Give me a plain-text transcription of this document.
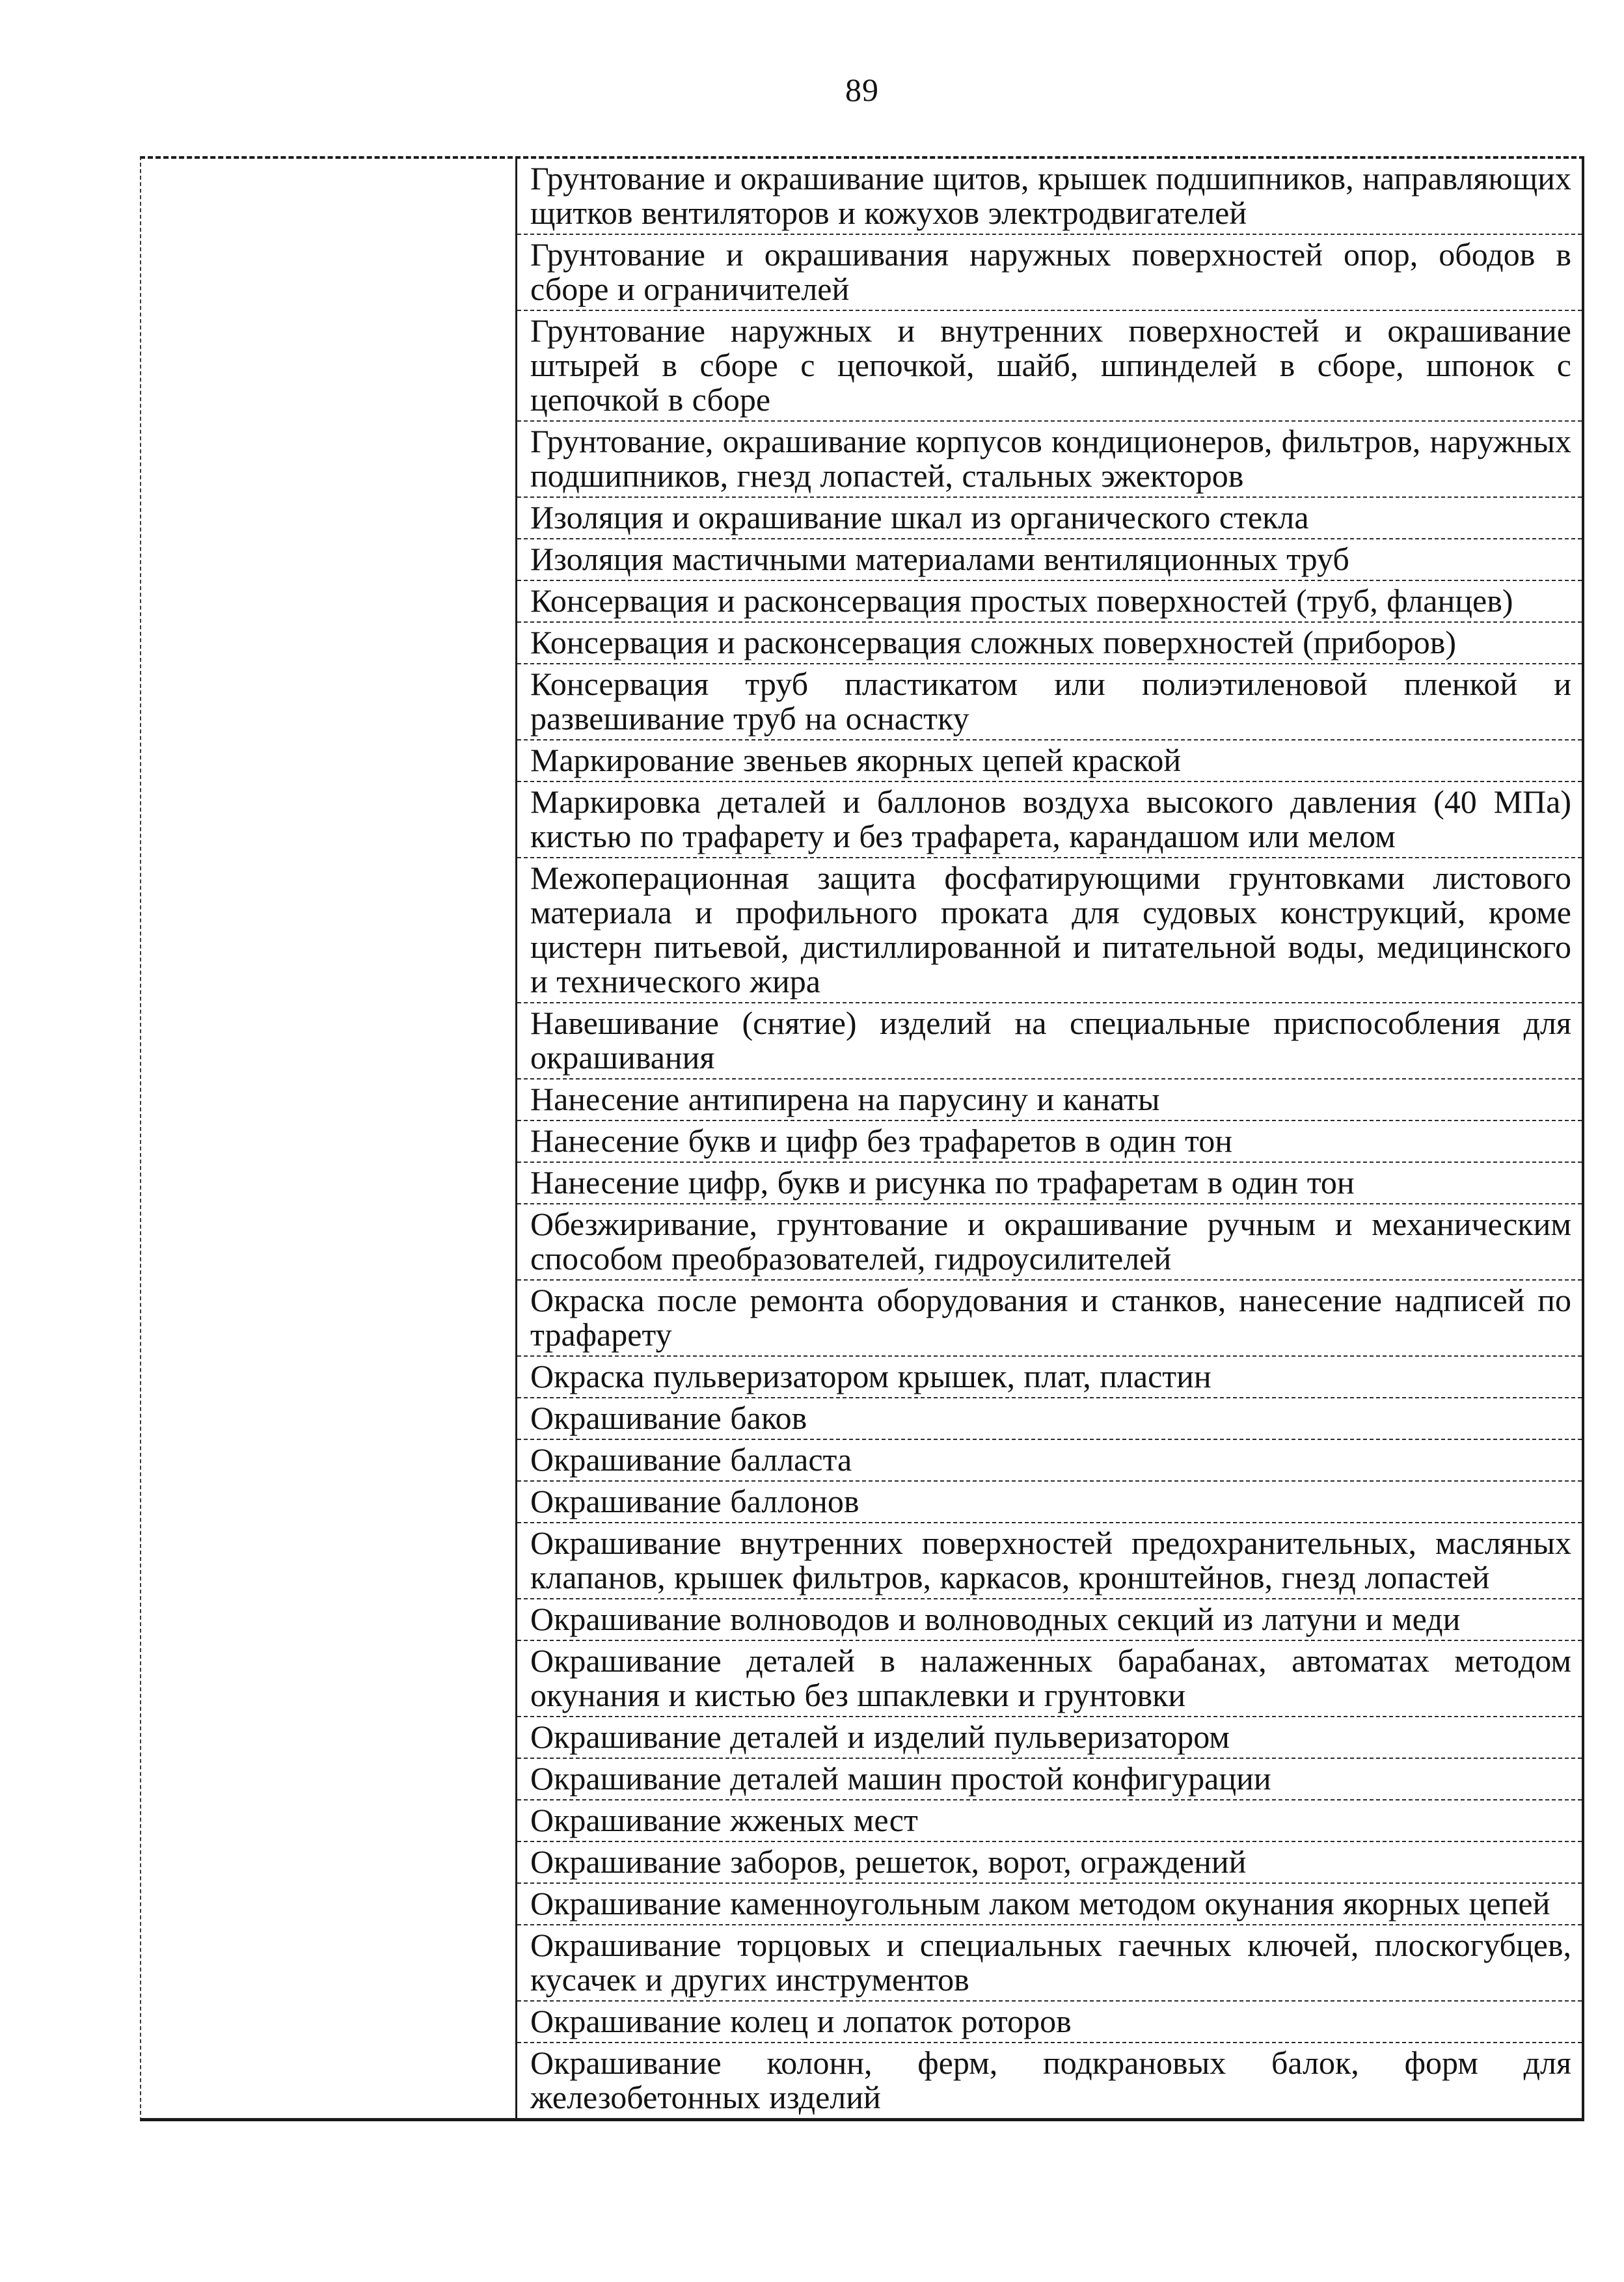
89
Грунтование и окрашивание щитов, крышек подшипников, направляющих щитков вентиляторов и кожухов электродвигателей
Грунтование и окрашивания наружных поверхностей опор, ободов в сборе и ограничителей
Грунтование наружных и внутренних поверхностей и окрашивание штырей в сборе с цепочкой, шайб, шпинделей в сборе, шпонок с цепочкой в сборе
Грунтование, окрашивание корпусов кондиционеров, фильтров, наружных подшипников, гнезд лопастей, стальных эжекторов
Изоляция и окрашивание шкал из органического стекла
Изоляция мастичными материалами вентиляционных труб
Консервация и расконсервация простых поверхностей (труб, фланцев)
Консервация и расконсервация сложных поверхностей (приборов)
Консервация труб пластикатом или полиэтиленовой пленкой и развешивание труб на оснастку
Маркирование звеньев якорных цепей краской
Маркировка деталей и баллонов воздуха высокого давления (40 МПа) кистью по трафарету и без трафарета, карандашом или мелом
Межоперационная защита фосфатирующими грунтовками листового материала и профильного проката для судовых конструкций, кроме цистерн питьевой, дистиллированной и питательной воды, медицинского и технического жира
Навешивание (снятие) изделий на специальные приспособления для окрашивания
Нанесение антипирена на парусину и канаты
Нанесение букв и цифр без трафаретов в один тон
Нанесение цифр, букв и рисунка по трафаретам в один тон
Обезжиривание, грунтование и окрашивание ручным и механическим способом преобразователей, гидроусилителей
Окраска после ремонта оборудования и станков, нанесение надписей по трафарету
Окраска пульверизатором крышек, плат, пластин
Окрашивание баков
Окрашивание балласта
Окрашивание баллонов
Окрашивание внутренних поверхностей предохранительных, масляных клапанов, крышек фильтров, каркасов, кронштейнов, гнезд лопастей
Окрашивание волноводов и волноводных секций из латуни и меди
Окрашивание деталей в налаженных барабанах, автоматах методом окунания и кистью без шпаклевки и грунтовки
Окрашивание деталей и изделий пульверизатором
Окрашивание деталей машин простой конфигурации
Окрашивание жженых мест
Окрашивание заборов, решеток, ворот, ограждений
Окрашивание каменноугольным лаком методом окунания якорных цепей
Окрашивание торцовых и специальных гаечных ключей, плоскогубцев, кусачек и других инструментов
Окрашивание колец и лопаток роторов
Окрашивание колонн, ферм, подкрановых балок, форм для железобетонных изделий
